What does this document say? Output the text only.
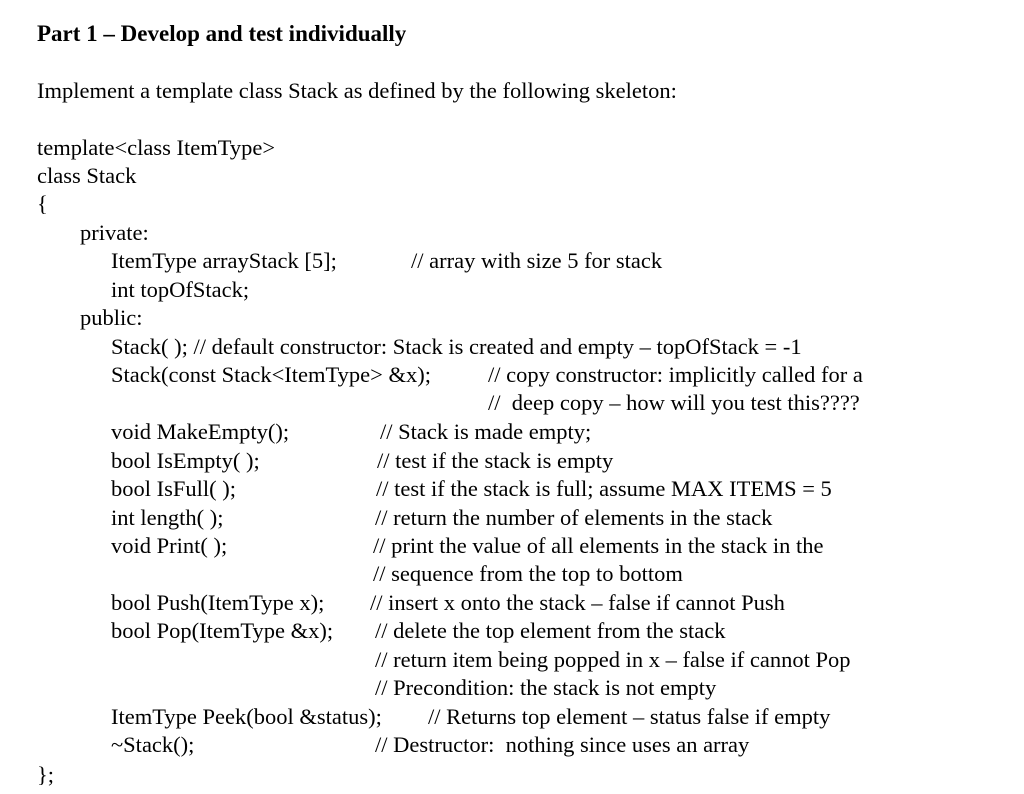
Part 1 – Develop and test individually
Implement a template class Stack as defined by the following skeleton:
template<class ItemType>
class Stack
{
private:
ItemType arrayStack [5];	// array with size 5 for stack
int topOfStack;
public:
Stack( ); // default constructor: Stack is created and empty – topOfStack = -1
Stack(const Stack<ItemType> &x);	// copy constructor: implicitly called for a
//  deep copy – how will you test this????
void MakeEmpty();	// Stack is made empty;
bool IsEmpty( );	// test if the stack is empty
bool IsFull( );	// test if the stack is full; assume MAX ITEMS = 5
int length( );	// return the number of elements in the stack
void Print( );	// print the value of all elements in the stack in the
// sequence from the top to bottom
bool Push(ItemType x); // insert x onto the stack – false if cannot Push
bool Pop(ItemType &x); // delete the top element from the stack
// return item being popped in x – false if cannot Pop
// Precondition: the stack is not empty
ItemType Peek(bool &status); // Returns top element – status false if empty
~Stack();	// Destructor:  nothing since uses an array
};
